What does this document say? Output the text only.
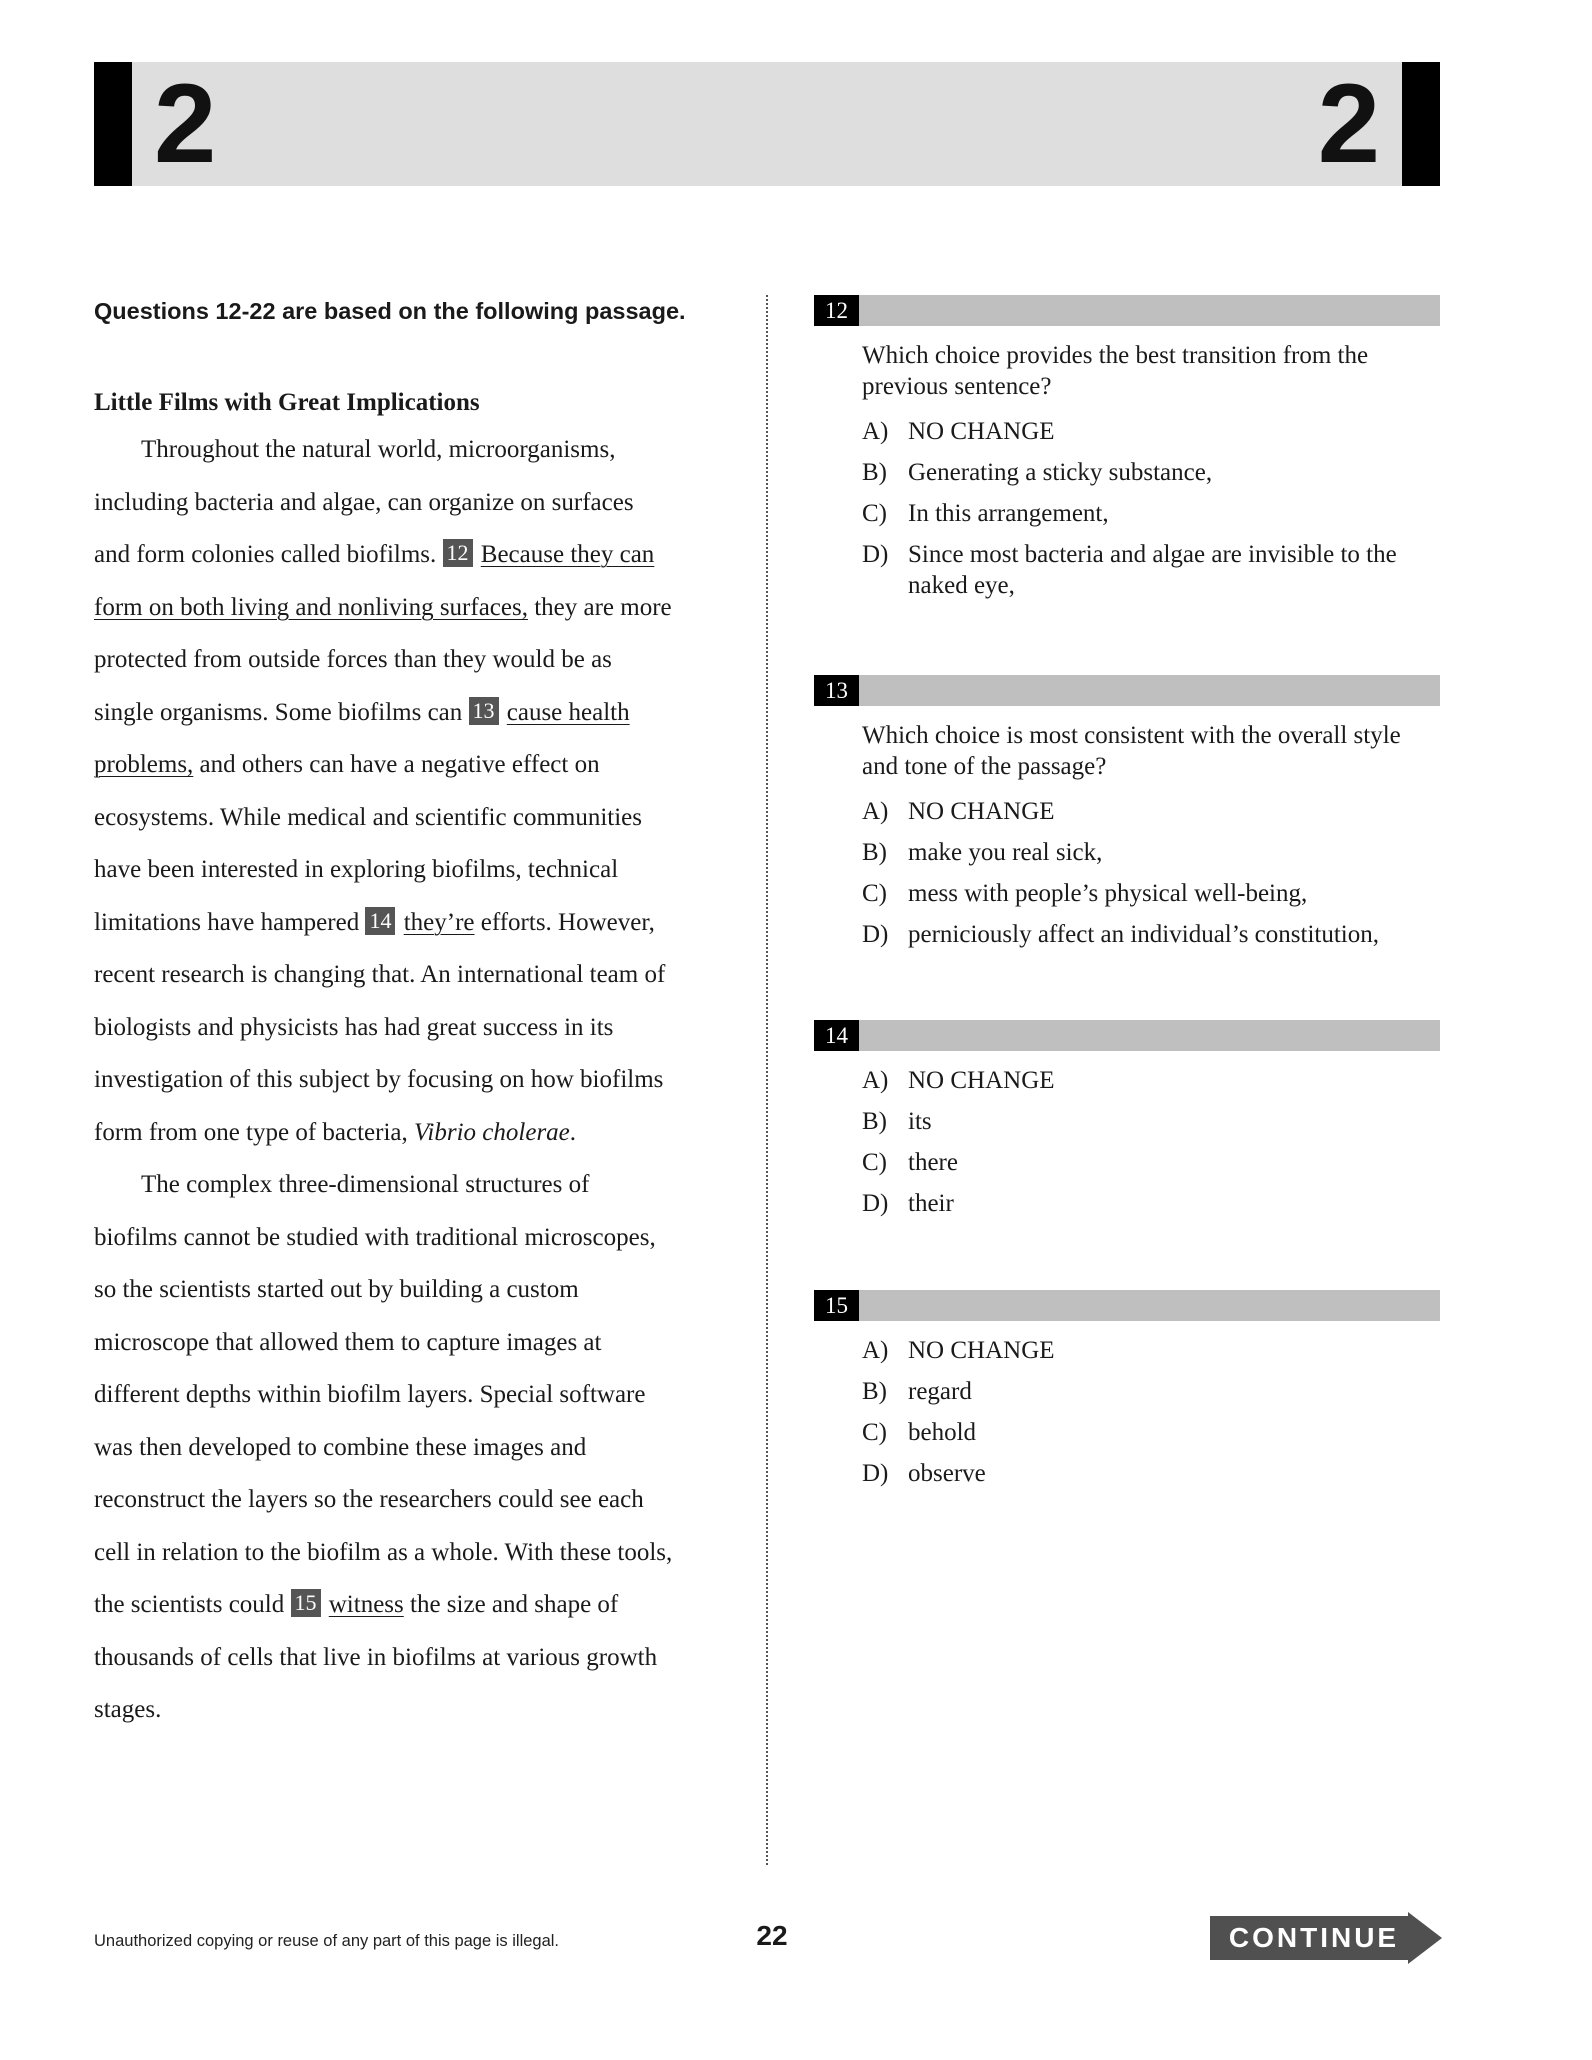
2	2

Questions 12-22 are based on the following passage.

Little Films with Great Implications

Throughout the natural world, microorganisms,
including bacteria and algae, can organize on surfaces
and form colonies called biofilms. 12 Because they can
form on both living and nonliving surfaces, they are more
protected from outside forces than they would be as
single organisms. Some biofilms can 13 cause health
problems, and others can have a negative effect on
ecosystems. While medical and scientific communities
have been interested in exploring biofilms, technical
limitations have hampered 14 they’re efforts. However,
recent research is changing that. An international team of
biologists and physicists has had great success in its
investigation of this subject by focusing on how biofilms
form from one type of bacteria, Vibrio cholerae.
The complex three-dimensional structures of
biofilms cannot be studied with traditional microscopes,
so the scientists started out by building a custom
microscope that allowed them to capture images at
different depths within biofilm layers. Special software
was then developed to combine these images and
reconstruct the layers so the researchers could see each
cell in relation to the biofilm as a whole. With these tools,
the scientists could 15 witness the size and shape of
thousands of cells that live in biofilms at various growth
stages.
12
Which choice provides the best transition from the previous sentence?
A) NO CHANGE
B) Generating a sticky substance,
C) In this arrangement,
D) Since most bacteria and algae are invisible to the naked eye,
13
Which choice is most consistent with the overall style and tone of the passage?
A) NO CHANGE
B) make you real sick,
C) mess with people’s physical well-being,
D) perniciously affect an individual’s constitution,
14
A) NO CHANGE
B) its
C) there
D) their
15
A) NO CHANGE
B) regard
C) behold
D) observe
Unauthorized copying or reuse of any part of this page is illegal.	22	CONTINUE
